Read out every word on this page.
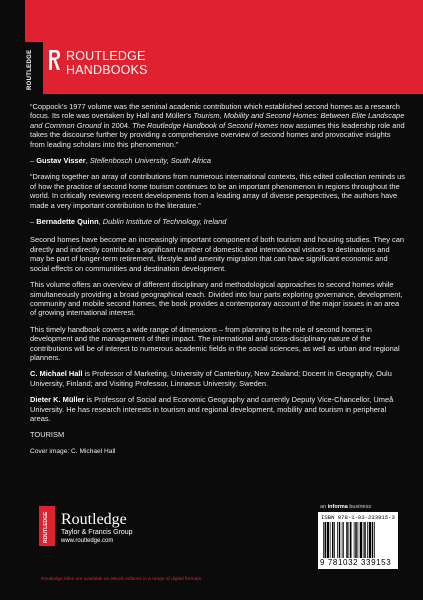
ROUTLEDGE	ROUTLEDGE
HANDBOOKS

“Coppock’s 1977 volume was the seminal academic contribution which established second homes as a research focus. Its role was overtaken by Hall and Müller’s Tourism, Mobility and Second Homes: Between Elite Landscape and Common Ground in 2004. The Routledge Handbook of Second Homes now assumes this leadership role and takes the discourse further by providing a comprehensive overview of second homes and provocative insights from leading scholars into this phenomenon.”

– Gustav Visser, Stellenbosch University, South Africa

“Drawing together an array of contributions from numerous international contexts, this edited collection reminds us of how the practice of second home tourism continues to be an important phenomenon in regions throughout the world. In critically reviewing recent developments from a leading array of diverse perspectives, the authors have made a very important contribution to the literature.”

– Bernadette Quinn, Dublin Institute of Technology, Ireland

Second homes have become an increasingly important component of both tourism and housing studies. They can directly and indirectly contribute a significant number of domestic and international visitors to destinations and may be part of longer-term retirement, lifestyle and amenity migration that can have significant economic and social effects on communities and destination development.

This volume offers an overview of different disciplinary and methodological approaches to second homes while simultaneously providing a broad geographical reach. Divided into four parts exploring governance, development, community and mobile second homes, the book provides a contemporary account of the major issues in an area of growing international interest.

This timely handbook covers a wide range of dimensions – from planning to the role of second homes in development and the management of their impact. The international and cross-disciplinary nature of the contributions will be of interest to numerous academic fields in the social sciences, as well as urban and regional planners.

C. Michael Hall is Professor of Marketing, University of Canterbury, New Zealand; Docent in Geography, Oulu University, Finland; and Visiting Professor, Linnaeus University, Sweden.

Dieter K. Müller is Professor of Social and Economic Geography and currently Deputy Vice-Chancellor, Umeå University. He has research interests in tourism and regional development, mobility and tourism in peripheral areas.

TOURISM

Cover image: C. Michael Hall

ROUTLEDGE Routledge
Taylor & Francis Group
www.routledge.com
an informa business
ISBN 978-1-03-233915-3
9 781032 339153
Routledge titles are available as eBook editions in a range of digital formats
